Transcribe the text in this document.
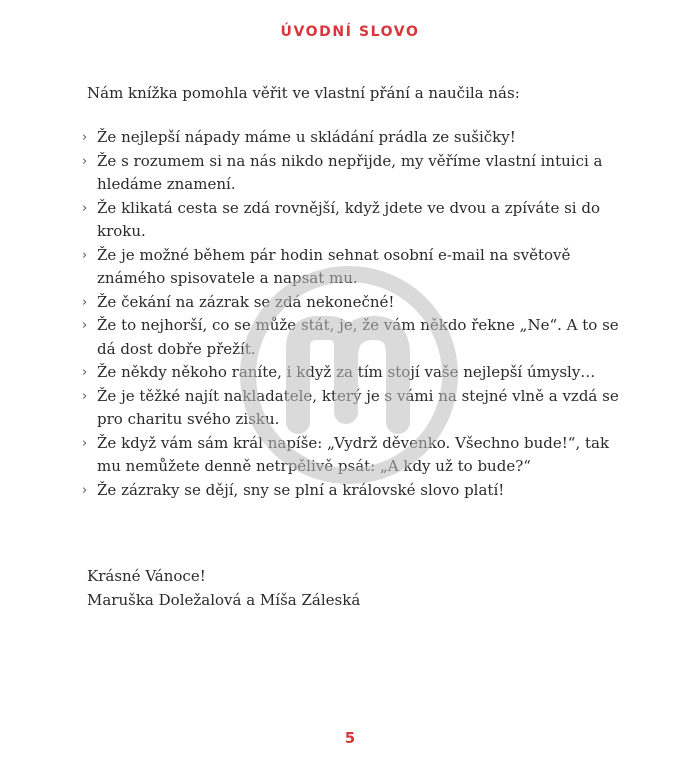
ÚVODNÍ SLOVO
Nám knížka pomohla věřit ve vlastní přání a naučila nás:
› Že nejlepší nápady máme u skládání prádla ze sušičky!
› Že s rozumem si na nás nikdo nepřijde, my věříme vlastní intuici a hledáme znamení.
› Že klikatá cesta se zdá rovnější, když jdete ve dvou a zpíváte si do kroku.
› Že je možné během pár hodin sehnat osobní e-mail na světově známého spisovatele a napsat mu.
› Že čekání na zázrak se zdá nekonečné!
› Že to nejhorší, co se může stát, je, že vám někdo řekne „Ne“. A to se dá dost dobře přežít.
› Že někdy někoho raníte, i když za tím stojí vaše nejlepší úmysly…
› Že je těžké najít nakladatele, který je s vámi na stejné vlně a vzdá se pro charitu svého zisku.
› Že když vám sám král napíše: „Vydrž děvenko. Všechno bude!“, tak mu nemůžete denně netrpělivě psát: „A kdy už to bude?“
› Že zázraky se dějí, sny se plní a královské slovo platí!
Krásné Vánoce!
Maruška Doležalová a Míša Záleská
5
